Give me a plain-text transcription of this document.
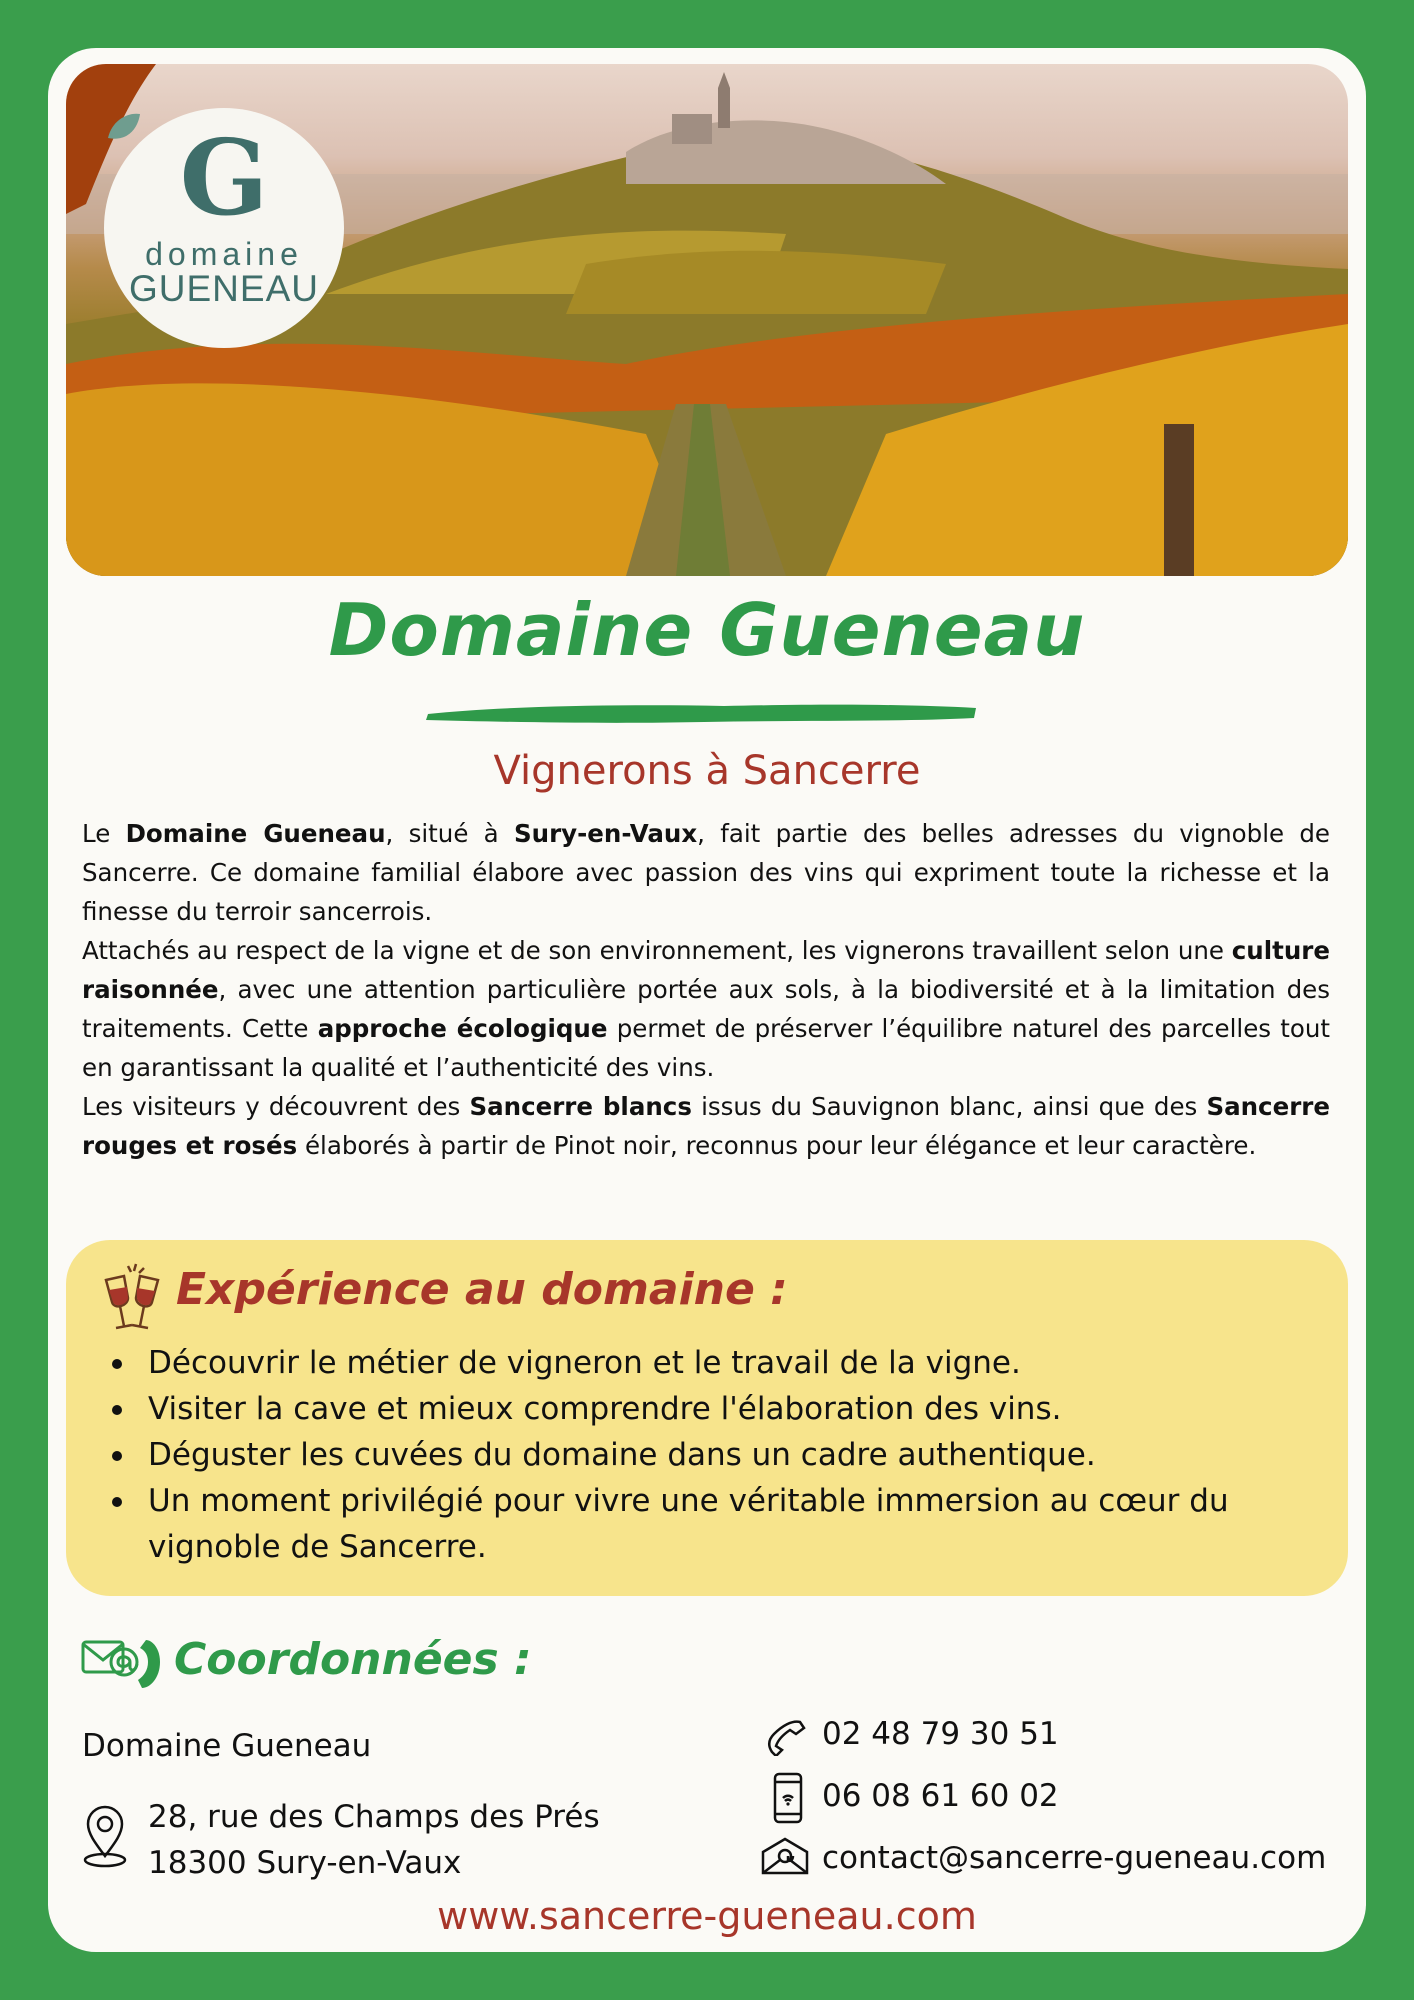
G
domaine
GUENEAU
Domaine Gueneau
Vignerons à Sancerre

Le Domaine Gueneau, situé à Sury-en-Vaux, fait partie des belles adresses du vignoble de Sancerre. Ce domaine familial élabore avec passion des vins qui expriment toute la richesse et la finesse du terroir sancerrois.

Attachés au respect de la vigne et de son environnement, les vignerons travaillent selon une culture raisonnée, avec une attention particulière portée aux sols, à la biodiversité et à la limitation des traitements. Cette approche écologique permet de préserver l’équilibre naturel des parcelles tout en garantissant la qualité et l’authenticité des vins.

Les visiteurs y découvrent des Sancerre blancs issus du Sauvignon blanc, ainsi que des Sancerre rouges et rosés élaborés à partir de Pinot noir, reconnus pour leur élégance et leur caractère.

Expérience au domaine :
Découvrir le métier de vigneron et le travail de la vigne.
Visiter la cave et mieux comprendre l'élaboration des vins.
Déguster les cuvées du domaine dans un cadre authentique.
Un moment privilégié pour vivre une véritable immersion au cœur du vignoble de Sancerre.
Coordonnées :
Domaine Gueneau
28, rue des Champs des Prés
18300 Sury-en-Vaux
02 48 79 30 51
06 08 61 60 02
contact@sancerre-gueneau.com
www.sancerre-gueneau.com
